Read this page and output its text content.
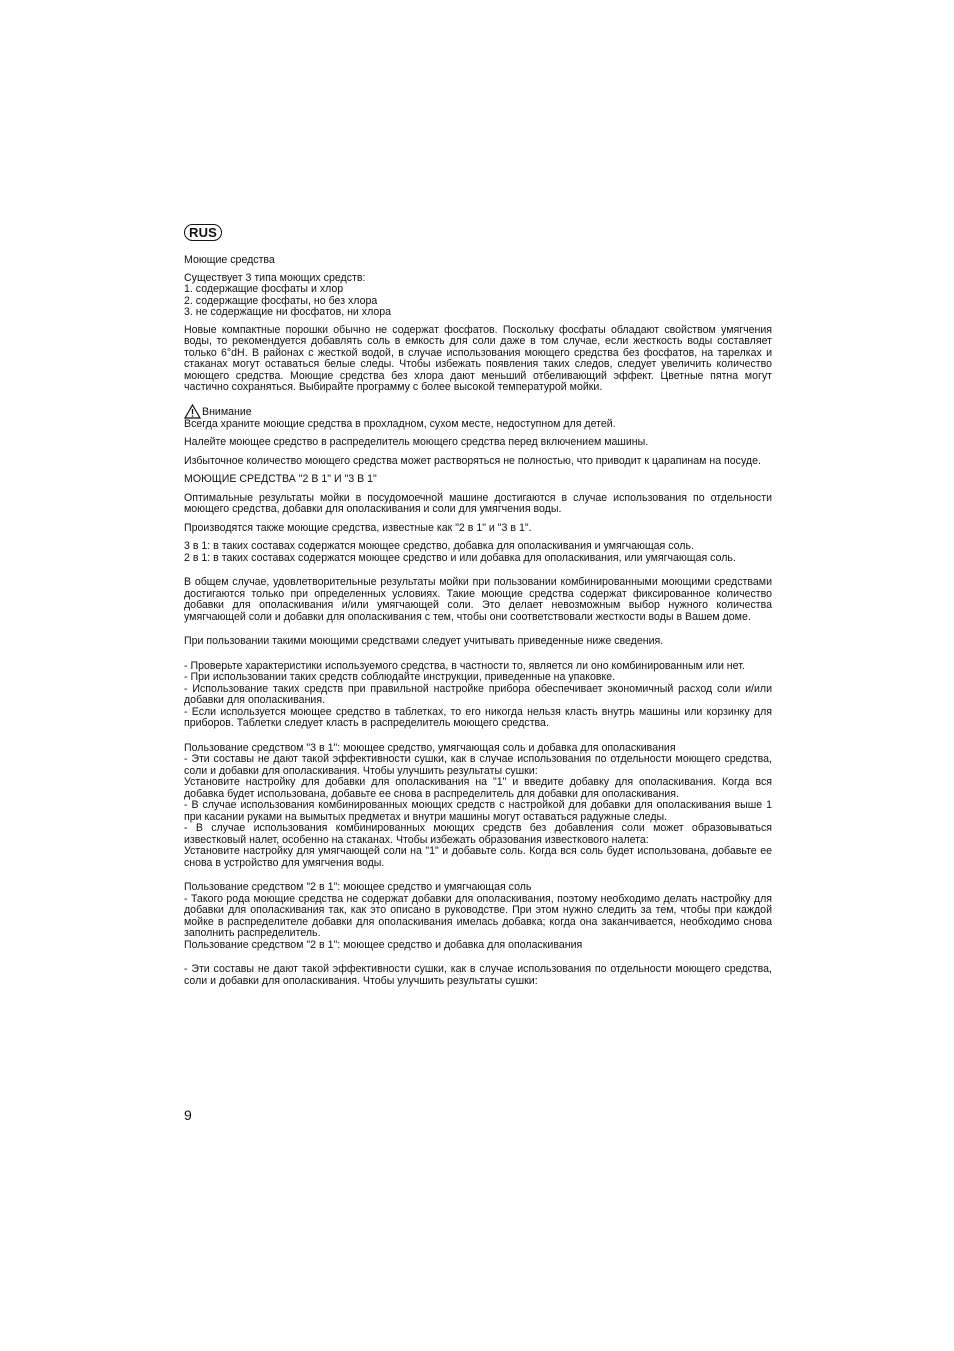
RUS

Моющие средства

Существует 3 типа моющих средств:
1. содержащие фосфаты и хлор
2. содержащие фосфаты, но без хлора
3. не содержащие ни фосфатов, ни хлора

Новые компактные порошки обычно не содержат фосфатов. Поскольку фосфаты обладают свойством умягчения воды, то рекомендуется добавлять соль в емкость для соли даже в том случае, если жесткость воды составляет только 6°dH. В районах с жесткой водой, в случае использования моющего средства без фосфатов, на тарелках и стаканах могут оставаться белые следы. Чтобы избежать появления таких следов, следует увеличить количество моющего средства. Моющие средства без хлора дают меньший отбеливающий эффект. Цветные пятна могут частично сохраняться. Выбирайте программу с более высокой температурой мойки.

Внимание

Всегда храните моющие средства в прохладном, сухом месте, недоступном для детей.

Налейте моющее средство в распределитель моющего средства перед включением машины.

Избыточное количество моющего средства может растворяться не полностью, что приводит к царапинам на посуде.

МОЮЩИЕ СРЕДСТВА "2 В 1" И "3 В 1"

Оптимальные результаты мойки в посудомоечной машине достигаются в случае использования по отдельности моющего средства, добавки для ополаскивания и соли для умягчения воды.

Производятся также моющие средства, известные как "2 в 1" и "3 в 1".

3 в 1: в таких составах содержатся моющее средство, добавка для ополаскивания и умягчающая соль.
2 в 1: в таких составах содержатся моющее средство и или добавка для ополаскивания, или умягчающая соль.

В общем случае, удовлетворительные результаты мойки при пользовании комбинированными моющими средствами достигаются только при определенных условиях. Такие моющие средства содержат фиксированное количество добавки для ополаскивания и/или умягчающей соли. Это делает невозможным выбор нужного количества умягчающей соли и добавки для ополаскивания с тем, чтобы они соответствовали жесткости воды в Вашем доме.

При пользовании такими моющими средствами следует учитывать приведенные ниже сведения.

- Проверьте характеристики используемого средства, в частности то, является ли оно комбинированным или нет.
- При использовании таких средств соблюдайте инструкции, приведенные на упаковке.
- Использование таких средств при правильной настройке прибора обеспечивает экономичный расход соли и/или добавки для ополаскивания.
- Если используется моющее средство в таблетках, то его никогда нельзя класть внутрь машины или корзинку для приборов. Таблетки следует класть в распределитель моющего средства.

Пользование средством "3 в 1": моющее средство, умягчающая соль и добавка для ополаскивания
- Эти составы не дают такой эффективности сушки, как в случае использования по отдельности моющего средства, соли и добавки для ополаскивания. Чтобы улучшить результаты сушки:
Установите настройку для добавки для ополаскивания на "1" и введите добавку для ополаскивания. Когда вся добавка будет использована, добавьте ее снова в распределитель для добавки для ополаскивания.
- В случае использования комбинированных моющих средств с настройкой для добавки для ополаскивания выше 1 при касании руками на вымытых предметах и внутри машины могут оставаться радужные следы.
- В случае использования комбинированных моющих средств без добавления соли может образовываться известковый налет, особенно на стаканах. Чтобы избежать образования известкового налета:
Установите настройку для умягчающей соли на "1" и добавьте соль. Когда вся соль будет использована, добавьте ее снова в устройство для умягчения воды.

Пользование средством "2 в 1": моющее средство и умягчающая соль
- Такого рода моющие средства не содержат добавки для ополаскивания, поэтому необходимо делать настройку для добавки для ополаскивания так, как это описано в руководстве. При этом нужно следить за тем, чтобы при каждой мойке в распределителе добавки для ополаскивания имелась добавка; когда она заканчивается, необходимо снова заполнить распределитель.
Пользование средством "2 в 1": моющее средство и добавка для ополаскивания

- Эти составы не дают такой эффективности сушки, как в случае использования по отдельности моющего средства, соли и добавки для ополаскивания. Чтобы улучшить результаты сушки:

9
